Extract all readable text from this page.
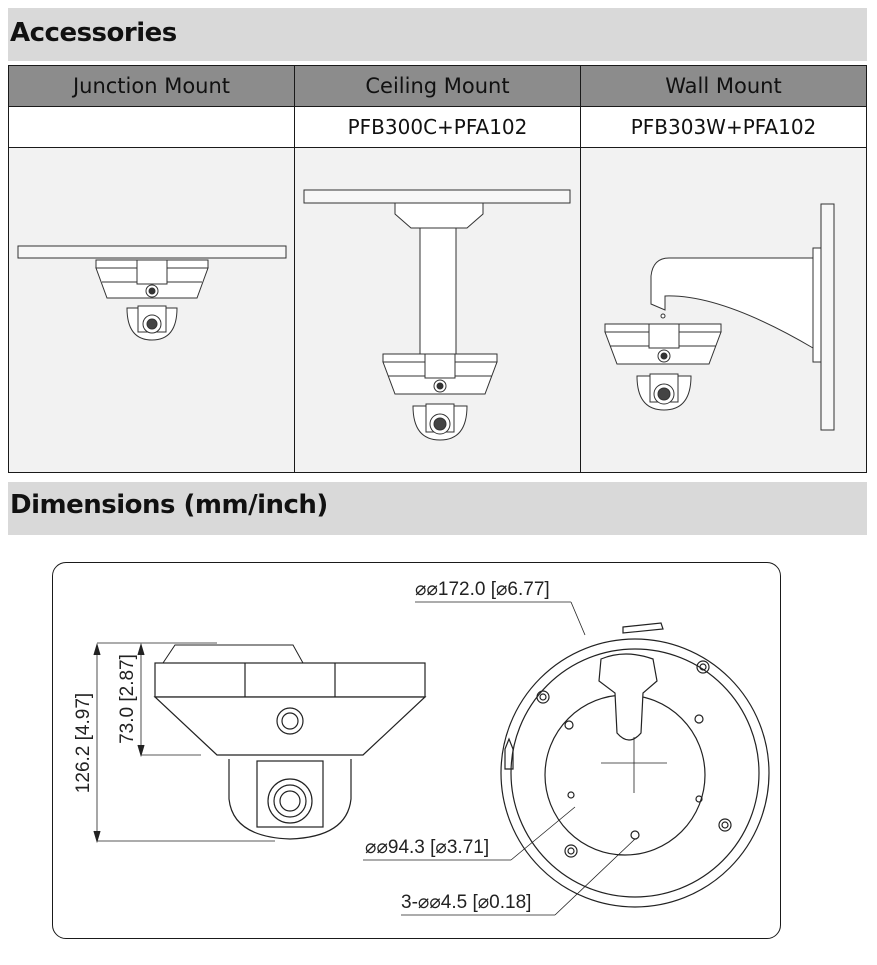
Accessories
Junction Mount	Ceiling Mount	Wall Mount
	PFB300C+PFA102	PFB303W+PFA102

Dimensions (mm/inch)
⌀⌀172.0 [⌀6.77]
⌀⌀94.3 [⌀3.71]
3-⌀⌀4.5 [⌀0.18]
126.2 [4.97] 73.0 [2.87]
